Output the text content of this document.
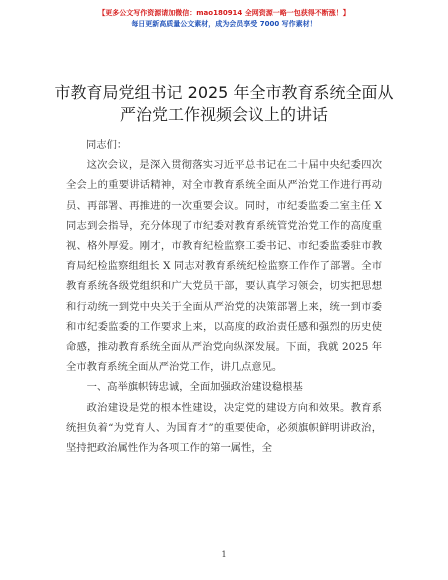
【更多公文写作资源请加微信：mao180914 全网资源一略一包获得不断涨！】
每日更新高质量公文素材，成为会员享受 7000 写作素材！
市教育局党组书记 2025 年全市教育系统全面从
严治党工作视频会议上的讲话

同志们：

这次会议，是深入贯彻落实习近平总书记在二十届中央纪委四次全会上的重要讲话精神，对全市教育系统全面从严治党工作进行再动员、再部署、再推进的一次重要会议。同时，市纪委监委二室主任 X 同志到会指导，充分体现了市纪委对教育系统管党治党工作的高度重视、格外厚爱。刚才，市教育纪检监察工委书记、市纪委监委驻市教育局纪检监察组组长 X 同志对教育系统纪检监察工作作了部署。全市教育系统各级党组织和广大党员干部，要认真学习领会，切实把思想和行动统一到党中央关于全面从严治党的决策部署上来，统一到市委和市纪委监委的工作要求上来，以高度的政治责任感和强烈的历史使命感，推动教育系统全面从严治党向纵深发展。下面，我就 2025 年全市教育系统全面从严治党工作，讲几点意见。

一、高举旗帜铸忠诚，全面加强政治建设稳根基

政治建设是党的根本性建设，决定党的建设方向和效果。教育系统担负着“为党育人、为国育才”的重要使命，必须旗帜鲜明讲政治，坚持把政治属性作为各项工作的第一属性，全

1
